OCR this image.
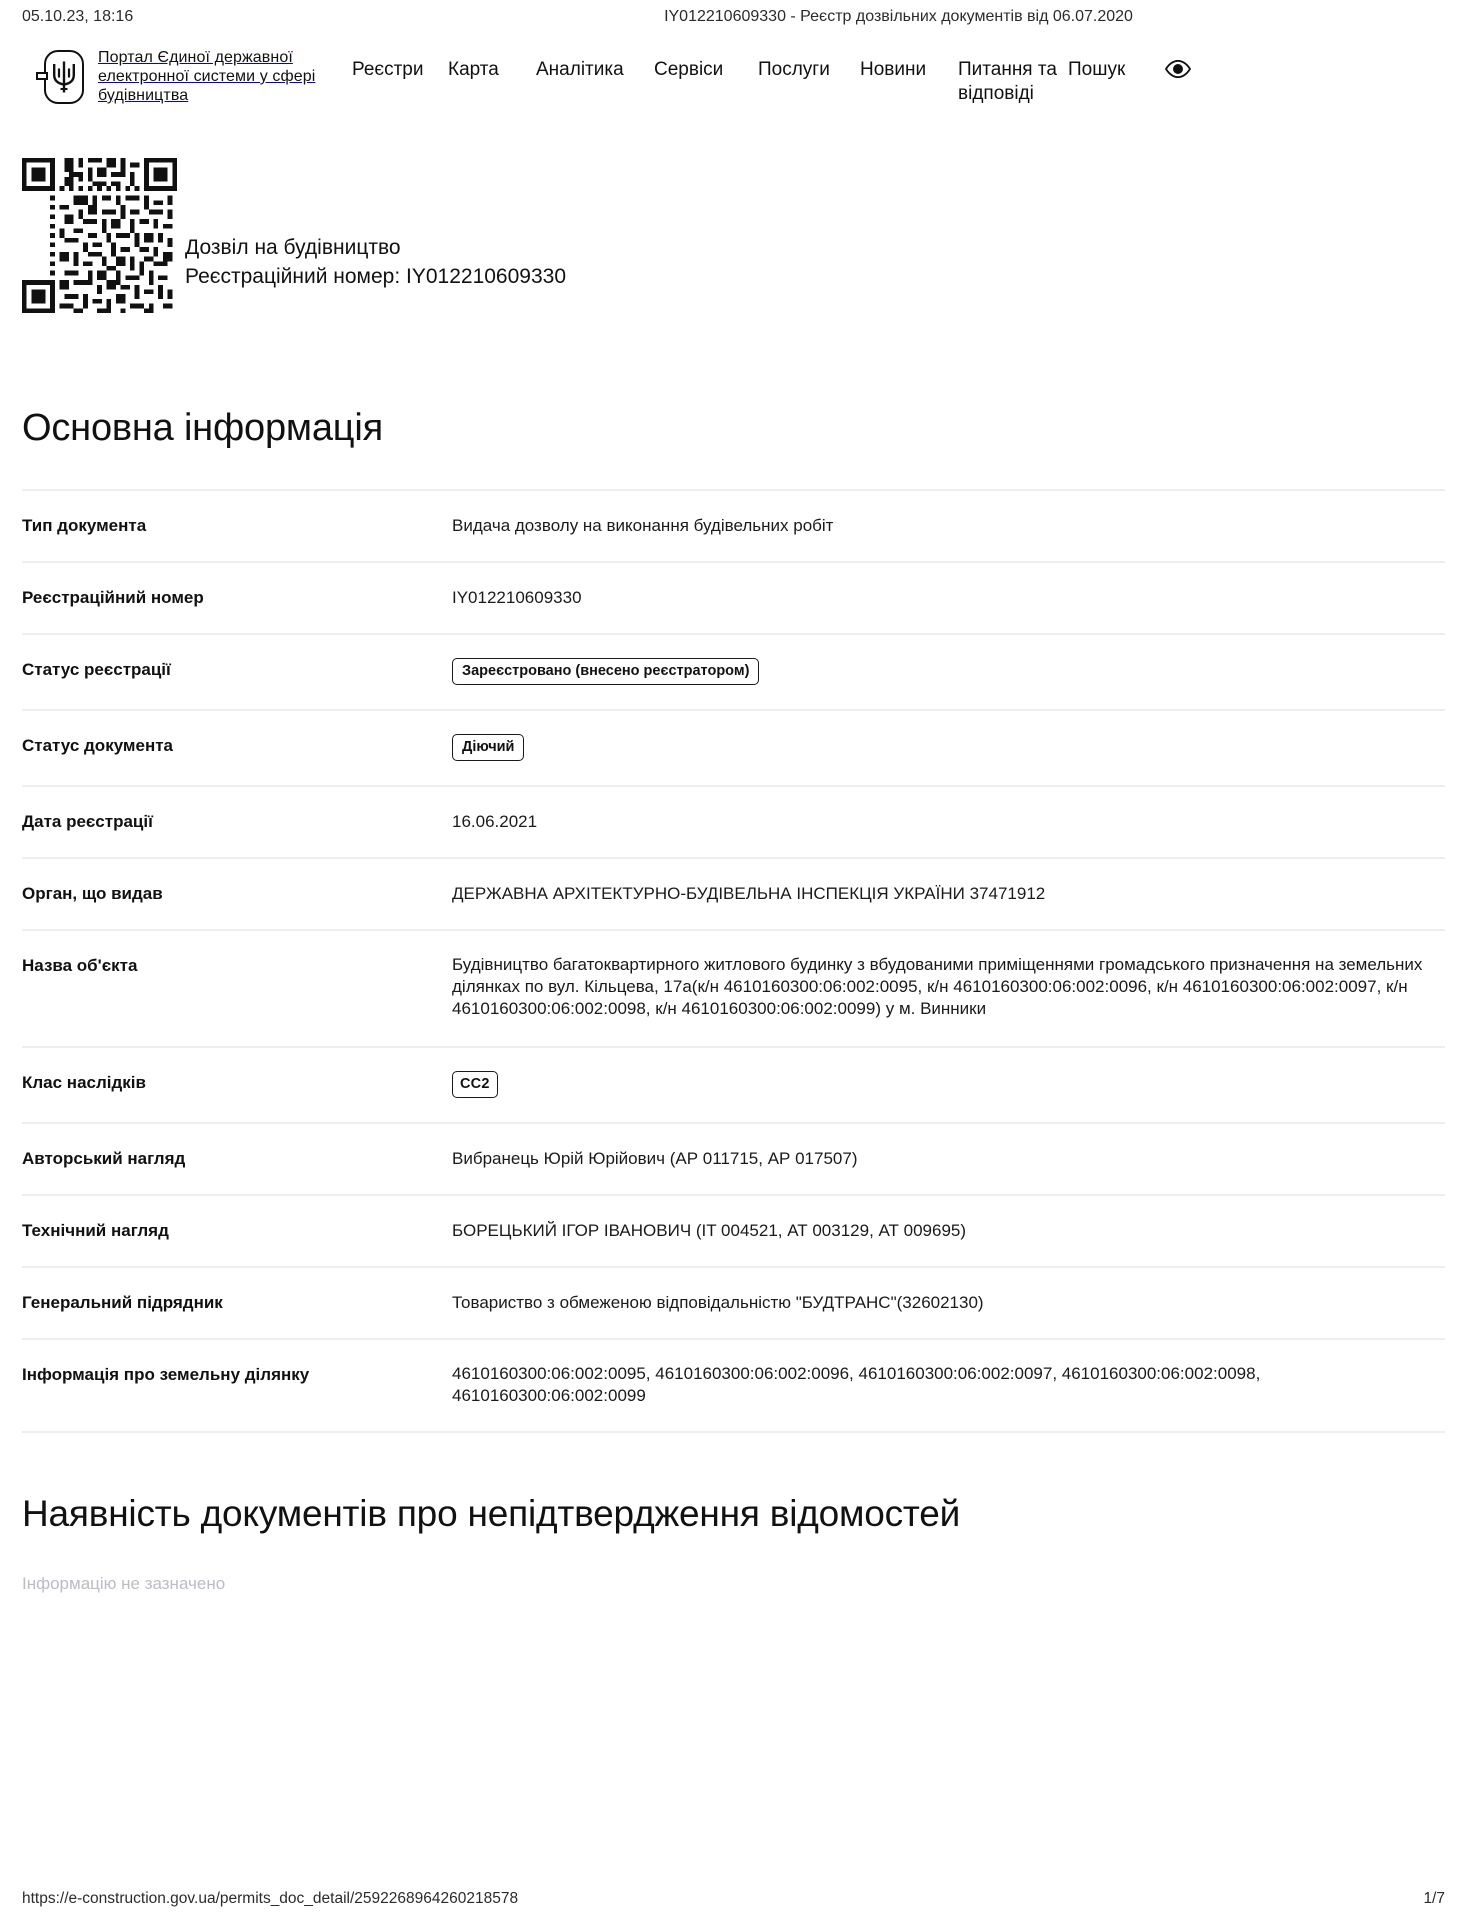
05.10.23, 18:16	IY012210609330 - Реєстр дозвільних документів від 06.07.2020
Портал Єдиної державної електронної системи у сфері будівництва
Реєстри	Карта	Аналітика	Сервіси	Послуги	Новини	Питання та відповіді
Пошук
Дозвіл на будівництво
Реєстраційний номер: IY012210609330
Основна інформація
Тип документа	Видача дозволу на виконання будівельних робіт
Реєстраційний номер	IY012210609330
Статус реєстрації	Зареєстровано (внесено реєстратором)
Статус документа	Діючий
Дата реєстрації	16.06.2021
Орган, що видав	ДЕРЖАВНА АРХІТЕКТУРНО-БУДІВЕЛЬНА ІНСПЕКЦІЯ УКРАЇНИ 37471912
Назва об'єкта	Будівництво багатоквартирного житлового будинку з вбудованими приміщеннями громадського призначення на земельних ділянках по вул. Кільцева, 17а(к/н 4610160300:06:002:0095, к/н 4610160300:06:002:0096, к/н 4610160300:06:002:0097, к/н 4610160300:06:002:0098, к/н 4610160300:06:002:0099) у м. Винники
Клас наслідків	CC2
Авторський нагляд	Вибранець Юрій Юрійович (АР 011715, АР 017507)
Технічний нагляд	БОРЕЦЬКИЙ ІГОР ІВАНОВИЧ (IT 004521, АТ 003129, АТ 009695)
Генеральний підрядник	Товариство з обмеженою відповідальністю "БУДТРАНС"(32602130)
Інформація про земельну ділянку	4610160300:06:002:0095, 4610160300:06:002:0096, 4610160300:06:002:0097, 4610160300:06:002:0098, 4610160300:06:002:0099
Наявність документів про непідтвердження відомостей
Інформацію не зазначено
https://e-construction.gov.ua/permits_doc_detail/2592268964260218578	1/7
